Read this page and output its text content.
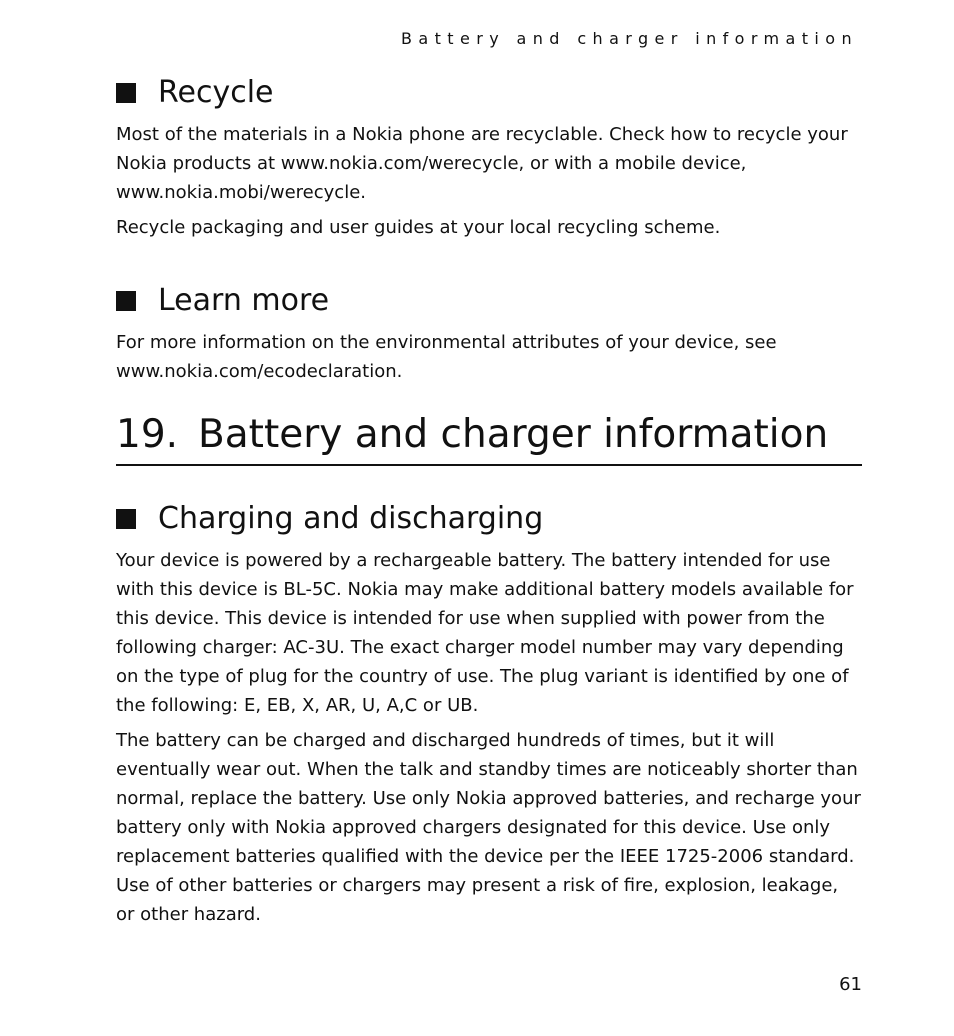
Battery and charger information
Recycle

Most of the materials in a Nokia phone are recyclable. Check how to recycle your Nokia products at www.nokia.com/werecycle, or with a mobile device, www.nokia.mobi/werecycle.

Recycle packaging and user guides at your local recycling scheme.

Learn more

For more information on the environmental attributes of your device, see www.nokia.com/ecodeclaration.

19. Battery and charger information
Charging and discharging

Your device is powered by a rechargeable battery. The battery intended for use with this device is BL-5C. Nokia may make additional battery models available for this device. This device is intended for use when supplied with power from the following charger: AC-3U. The exact charger model number may vary depending on the type of plug for the country of use. The plug variant is identified by one of the following: E, EB, X, AR, U, A,C or UB.

The battery can be charged and discharged hundreds of times, but it will eventually wear out. When the talk and standby times are noticeably shorter than normal, replace the battery. Use only Nokia approved batteries, and recharge your battery only with Nokia approved chargers designated for this device. Use only replacement batteries qualified with the device per the IEEE 1725-2006 standard. Use of other batteries or chargers may present a risk of fire, explosion, leakage, or other hazard.

61
